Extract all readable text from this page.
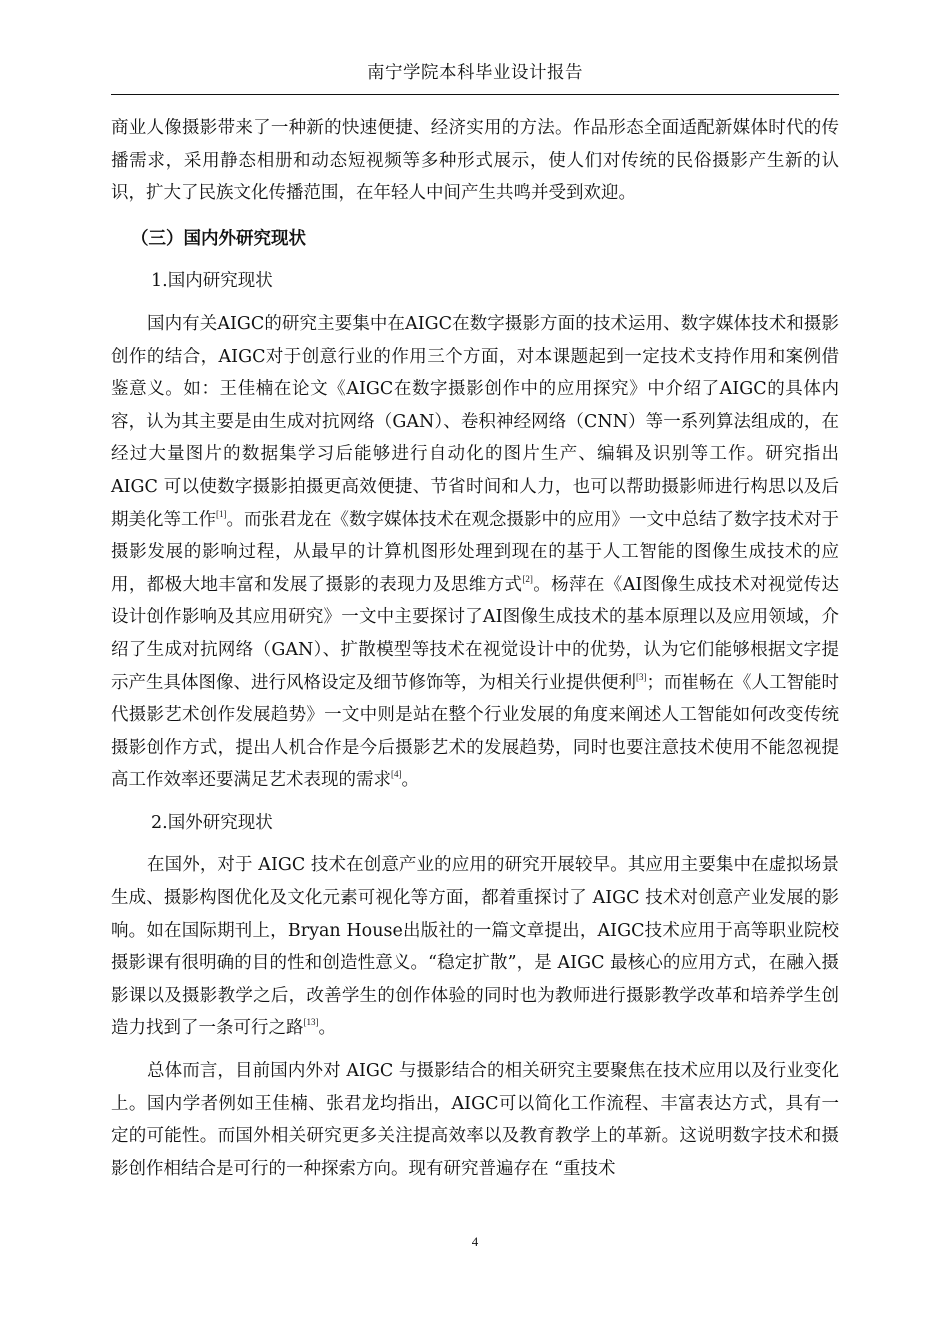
南宁学院本科毕业设计报告

商业人像摄影带来了一种新的快速便捷、经济实用的方法。作品形态全面适配新媒体时代的传播需求，采用静态相册和动态短视频等多种形式展示，使人们对传统的民俗摄影产生新的认识，扩大了民族文化传播范围，在年轻人中间产生共鸣并受到欢迎。

（三）国内外研究现状

1.国内研究现状

国内有关AIGC的研究主要集中在AIGC在数字摄影方面的技术运用、数字媒体技术和摄影创作的结合，AIGC对于创意行业的作用三个方面，对本课题起到一定技术支持作用和案例借鉴意义。如：王佳楠在论文《AIGC在数字摄影创作中的应用探究》中介绍了AIGC的具体内容，认为其主要是由生成对抗网络（GAN）、卷积神经网络（CNN）等一系列算法组成的，在经过大量图片的数据集学习后能够进行自动化的图片生产、编辑及识别等工作。研究指出 AIGC 可以使数字摄影拍摄更高效便捷、节省时间和人力，也可以帮助摄影师进行构思以及后期美化等工作[1]。而张君龙在《数字媒体技术在观念摄影中的应用》一文中总结了数字技术对于摄影发展的影响过程，从最早的计算机图形处理到现在的基于人工智能的图像生成技术的应用，都极大地丰富和发展了摄影的表现力及思维方式[2]。杨萍在《AI图像生成技术对视觉传达设计创作影响及其应用研究》一文中主要探讨了AI图像生成技术的基本原理以及应用领域，介绍了生成对抗网络（GAN）、扩散模型等技术在视觉设计中的优势，认为它们能够根据文字提示产生具体图像、进行风格设定及细节修饰等，为相关行业提供便利[3]；而崔畅在《人工智能时代摄影艺术创作发展趋势》一文中则是站在整个行业发展的角度来阐述人工智能如何改变传统摄影创作方式，提出人机合作是今后摄影艺术的发展趋势，同时也要注意技术使用不能忽视提高工作效率还要满足艺术表现的需求[4]。

2.国外研究现状

在国外，对于 AIGC 技术在创意产业的应用的研究开展较早。其应用主要集中在虚拟场景生成、摄影构图优化及文化元素可视化等方面，都着重探讨了 AIGC 技术对创意产业发展的影响。如在国际期刊上，Bryan House出版社的一篇文章提出，AIGC技术应用于高等职业院校摄影课有很明确的目的性和创造性意义。“稳定扩散”，是 AIGC 最核心的应用方式，在融入摄影课以及摄影教学之后，改善学生的创作体验的同时也为教师进行摄影教学改革和培养学生创造力找到了一条可行之路[13]。

总体而言，目前国内外对 AIGC 与摄影结合的相关研究主要聚焦在技术应用以及行业变化上。国内学者例如王佳楠、张君龙均指出，AIGC可以简化工作流程、丰富表达方式，具有一定的可能性。而国外相关研究更多关注提高效率以及教育教学上的革新。这说明数字技术和摄影创作相结合是可行的一种探索方向。现有研究普遍存在 “重技术

4
